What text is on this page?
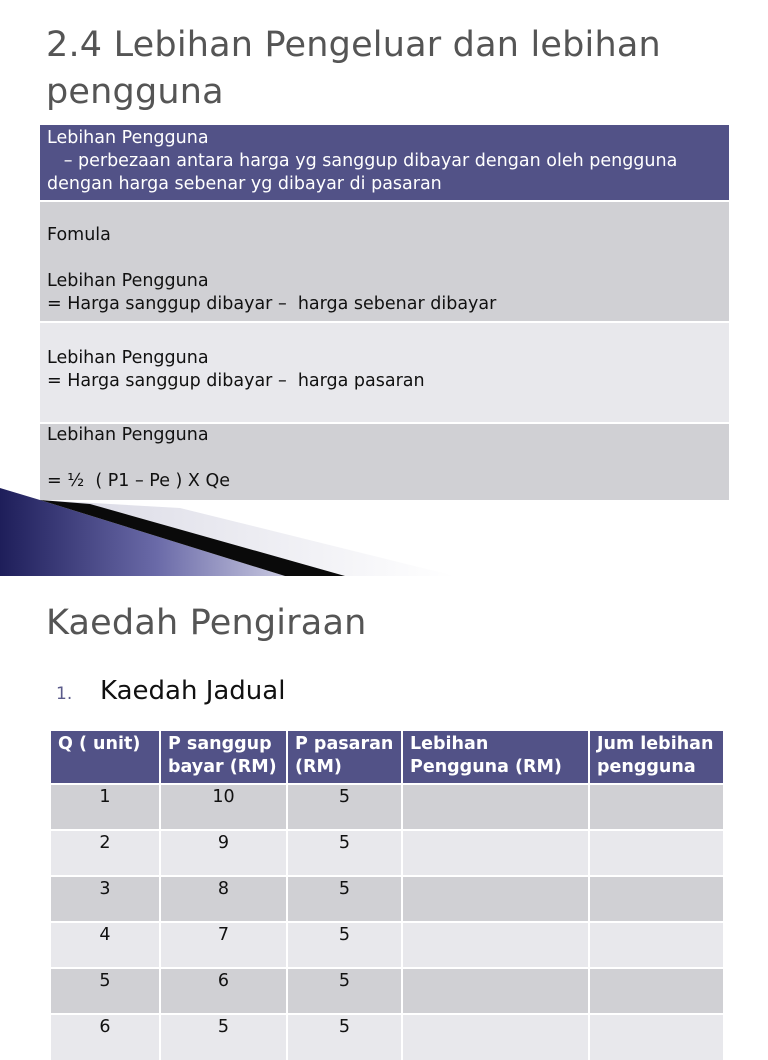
2.4 Lebihan Pengeluar dan lebihan pengguna
Lebihan Pengguna
– perbezaan antara harga yg sanggup dibayar dengan oleh pengguna
dengan harga sebenar yg dibayar di pasaran
Fomula
Lebihan Pengguna
= Harga sanggup dibayar –  harga sebenar dibayar
Lebihan Pengguna
= Harga sanggup dibayar –  harga pasaran
Lebihan Pengguna
= ½  ( P1 – Pe ) X Qe
Kaedah Pengiraan
1. Kaedah Jadual
Q ( unit)	P sanggup bayar (RM)	P pasaran (RM)	Lebihan Pengguna (RM)	Jum lebihan pengguna
1	10	5		
2	9	5		
3	8	5		
4	7	5		
5	6	5		
6	5	5		
